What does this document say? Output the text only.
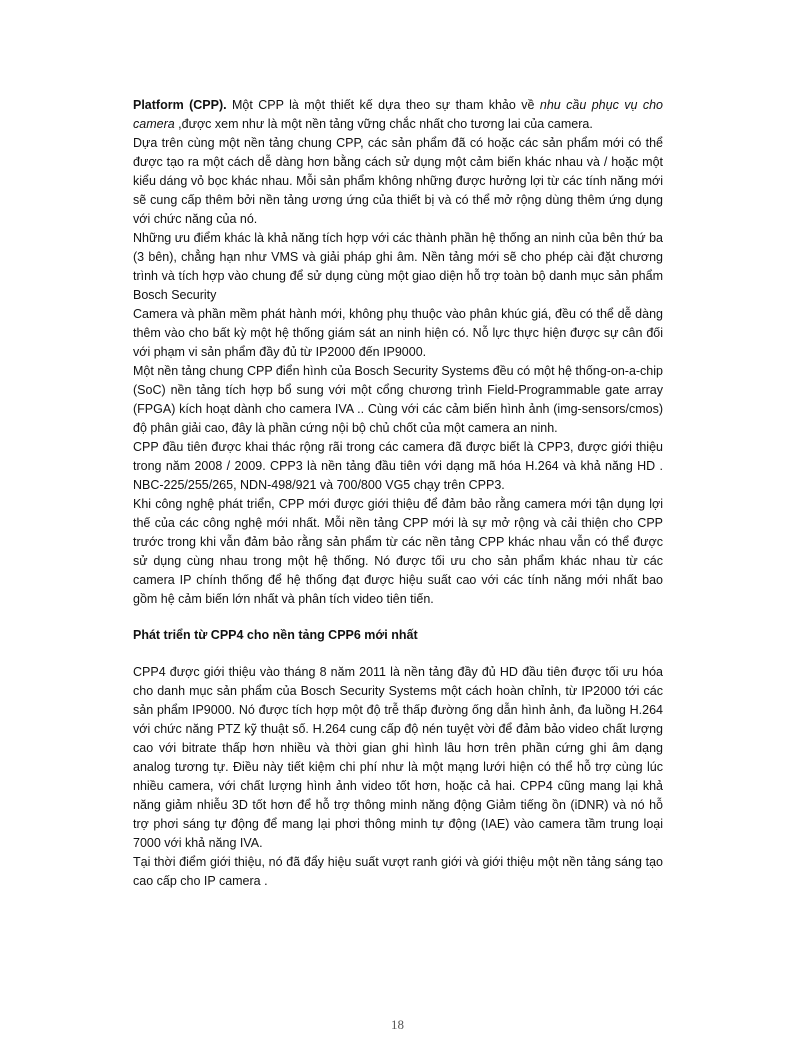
Platform (CPP). Một CPP là một thiết kế dựa theo sự tham khảo về nhu cầu phục vụ cho camera ,được xem như là một nền tảng vững chắc nhất cho tương lai của camera.

Dựa trên cùng một nền tảng chung CPP, các sản phẩm đã có hoặc các sản phẩm mới có thể được tạo ra một cách dễ dàng hơn bằng cách sử dụng một cảm biến khác nhau và / hoặc một kiểu dáng vỏ bọc khác nhau. Mỗi sản phẩm không những được hưởng lợi từ các tính năng mới sẽ cung cấp thêm bởi nền tảng ương ứng của thiết bị và có thể mở rộng dùng thêm ứng dụng với chức năng của nó.

Những ưu điểm khác là khả năng tích hợp với các thành phần hệ thống an ninh của bên thứ ba (3 bên), chẳng hạn như VMS và giải pháp ghi âm. Nền tảng mới sẽ cho phép cài đặt chương trình và tích hợp vào chung để sử dụng cùng một giao diện hỗ trợ toàn bộ danh mục sản phẩm Bosch Security

Camera và phần mềm phát hành mới, không phụ thuộc vào phân khúc giá, đều có thể dễ dàng thêm vào cho bất kỳ một hệ thống giám sát an ninh hiện có. Nỗ lực thực hiện được sự cân đối với phạm vi sản phẩm đầy đủ từ IP2000 đến IP9000.

Một nền tảng chung CPP điển hình của Bosch Security Systems đều có một hệ thống-on-a-chip (SoC) nền tảng tích hợp bổ sung với một cổng chương trình Field-Programmable gate array (FPGA) kích hoạt dành cho camera IVA .. Cùng với các cảm biến hình ảnh (img-sensors/cmos) độ phân giải cao, đây là phần cứng nội bộ chủ chốt của một camera an ninh.

CPP đầu tiên được khai thác rộng rãi trong các camera đã được biết là CPP3, được giới thiệu trong năm 2008 / 2009. CPP3 là nền tảng đầu tiên với dạng mã hóa H.264 và khả năng HD . NBC-225/255/265, NDN-498/921 và 700/800 VG5 chạy trên CPP3.

Khi công nghệ phát triển, CPP mới được giới thiệu để đảm bảo rằng camera mới tận dụng lợi thế của các công nghệ mới nhất. Mỗi nền tảng CPP mới là sự mở rộng và cải thiện cho CPP trước trong khi vẫn đảm bảo rằng sản phẩm từ các nền tảng CPP khác nhau vẫn có thể được sử dụng cùng nhau trong một hệ thống. Nó được tối ưu cho sản phẩm khác nhau từ các camera IP chính thống để hệ thống đạt được hiệu suất cao với các tính năng mới nhất bao gồm hệ cảm biến lớn nhất và phân tích video tiên tiến.

Phát triển từ CPP4 cho nền tảng CPP6 mới nhất

CPP4 được giới thiệu vào tháng 8 năm 2011 là nền tảng đầy đủ HD đầu tiên được tối ưu hóa cho danh mục sản phẩm của Bosch Security Systems một cách hoàn chỉnh, từ IP2000 tới các sản phẩm IP9000. Nó được tích hợp một độ trễ thấp đường ống dẫn hình ảnh, đa luồng H.264 với chức năng PTZ kỹ thuật số. H.264 cung cấp độ nén tuyệt vời để đảm bảo video chất lượng cao với bitrate thấp hơn nhiều và thời gian ghi hình lâu hơn trên phần cứng ghi âm dạng analog tương tự. Điều này tiết kiệm chi phí như là một mạng lưới hiện có thể hỗ trợ cùng lúc nhiều camera, với chất lượng hình ảnh video tốt hơn, hoặc cả hai. CPP4 cũng mang lại khả năng giảm nhiễu 3D tốt hơn để hỗ trợ thông minh năng động Giảm tiếng ồn (iDNR) và nó hỗ trợ phơi sáng tự động để mang lại phơi thông minh tự động (IAE) vào camera tầm trung loại 7000 với khả năng IVA.

Tại thời điểm giới thiệu, nó đã đẩy hiệu suất vượt ranh giới và giới thiệu một nền tảng sáng tạo cao cấp cho IP camera .

18
